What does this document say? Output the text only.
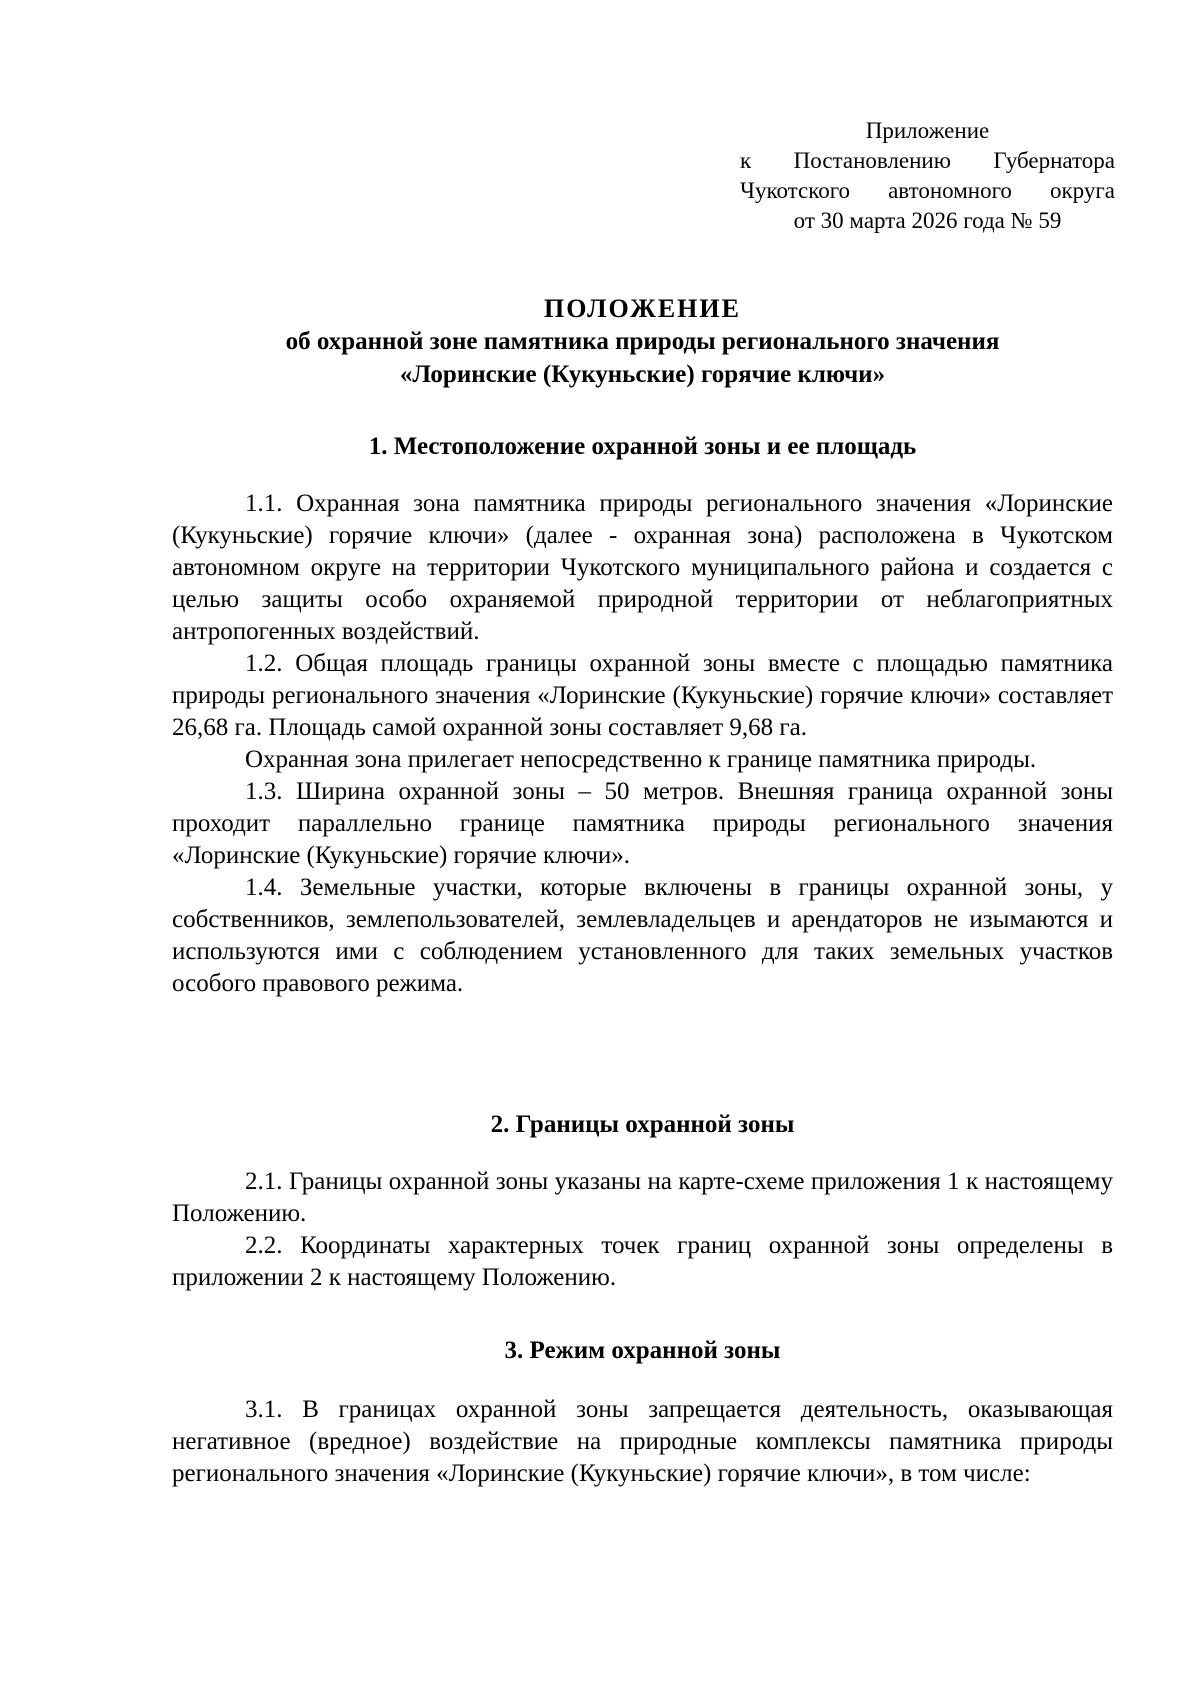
Приложение
к Постановлению Губернатора
Чукотского автономного округа
от 30 марта 2026 года № 59
ПОЛОЖЕНИЕ
об охранной зоне памятника природы регионального значения
«Лоринские (Кукуньские) горячие ключи»
1. Местоположение охранной зоны и ее площадь

1.1. Охранная зона памятника природы регионального значения «Лоринские (Кукуньские) горячие ключи» (далее - охранная зона) расположена в Чукотском автономном округе на территории Чукотского муниципального района и создается с целью защиты особо охраняемой природной территории от неблагоприятных антропогенных воздействий.

1.2. Общая площадь границы охранной зоны вместе с площадью памятника природы регионального значения «Лоринские (Кукуньские) горячие ключи» составляет 26,68 га. Площадь самой охранной зоны составляет 9,68 га.

Охранная зона прилегает непосредственно к границе памятника природы.

1.3. Ширина охранной зоны – 50 метров. Внешняя граница охранной зоны проходит параллельно границе памятника природы регионального значения «Лоринские (Кукуньские) горячие ключи».

1.4. Земельные участки, которые включены в границы охранной зоны, у собственников, землепользователей, землевладельцев и арендаторов не изымаются и используются ими с соблюдением установленного для таких земельных участков особого правового режима.

2. Границы охранной зоны

2.1. Границы охранной зоны указаны на карте-схеме приложения 1 к настоящему Положению.

2.2. Координаты характерных точек границ охранной зоны определены в приложении 2 к настоящему Положению.

3. Режим охранной зоны

3.1. В границах охранной зоны запрещается деятельность, оказывающая негативное (вредное) воздействие на природные комплексы памятника природы регионального значения «Лоринские (Кукуньские) горячие ключи», в том числе:
